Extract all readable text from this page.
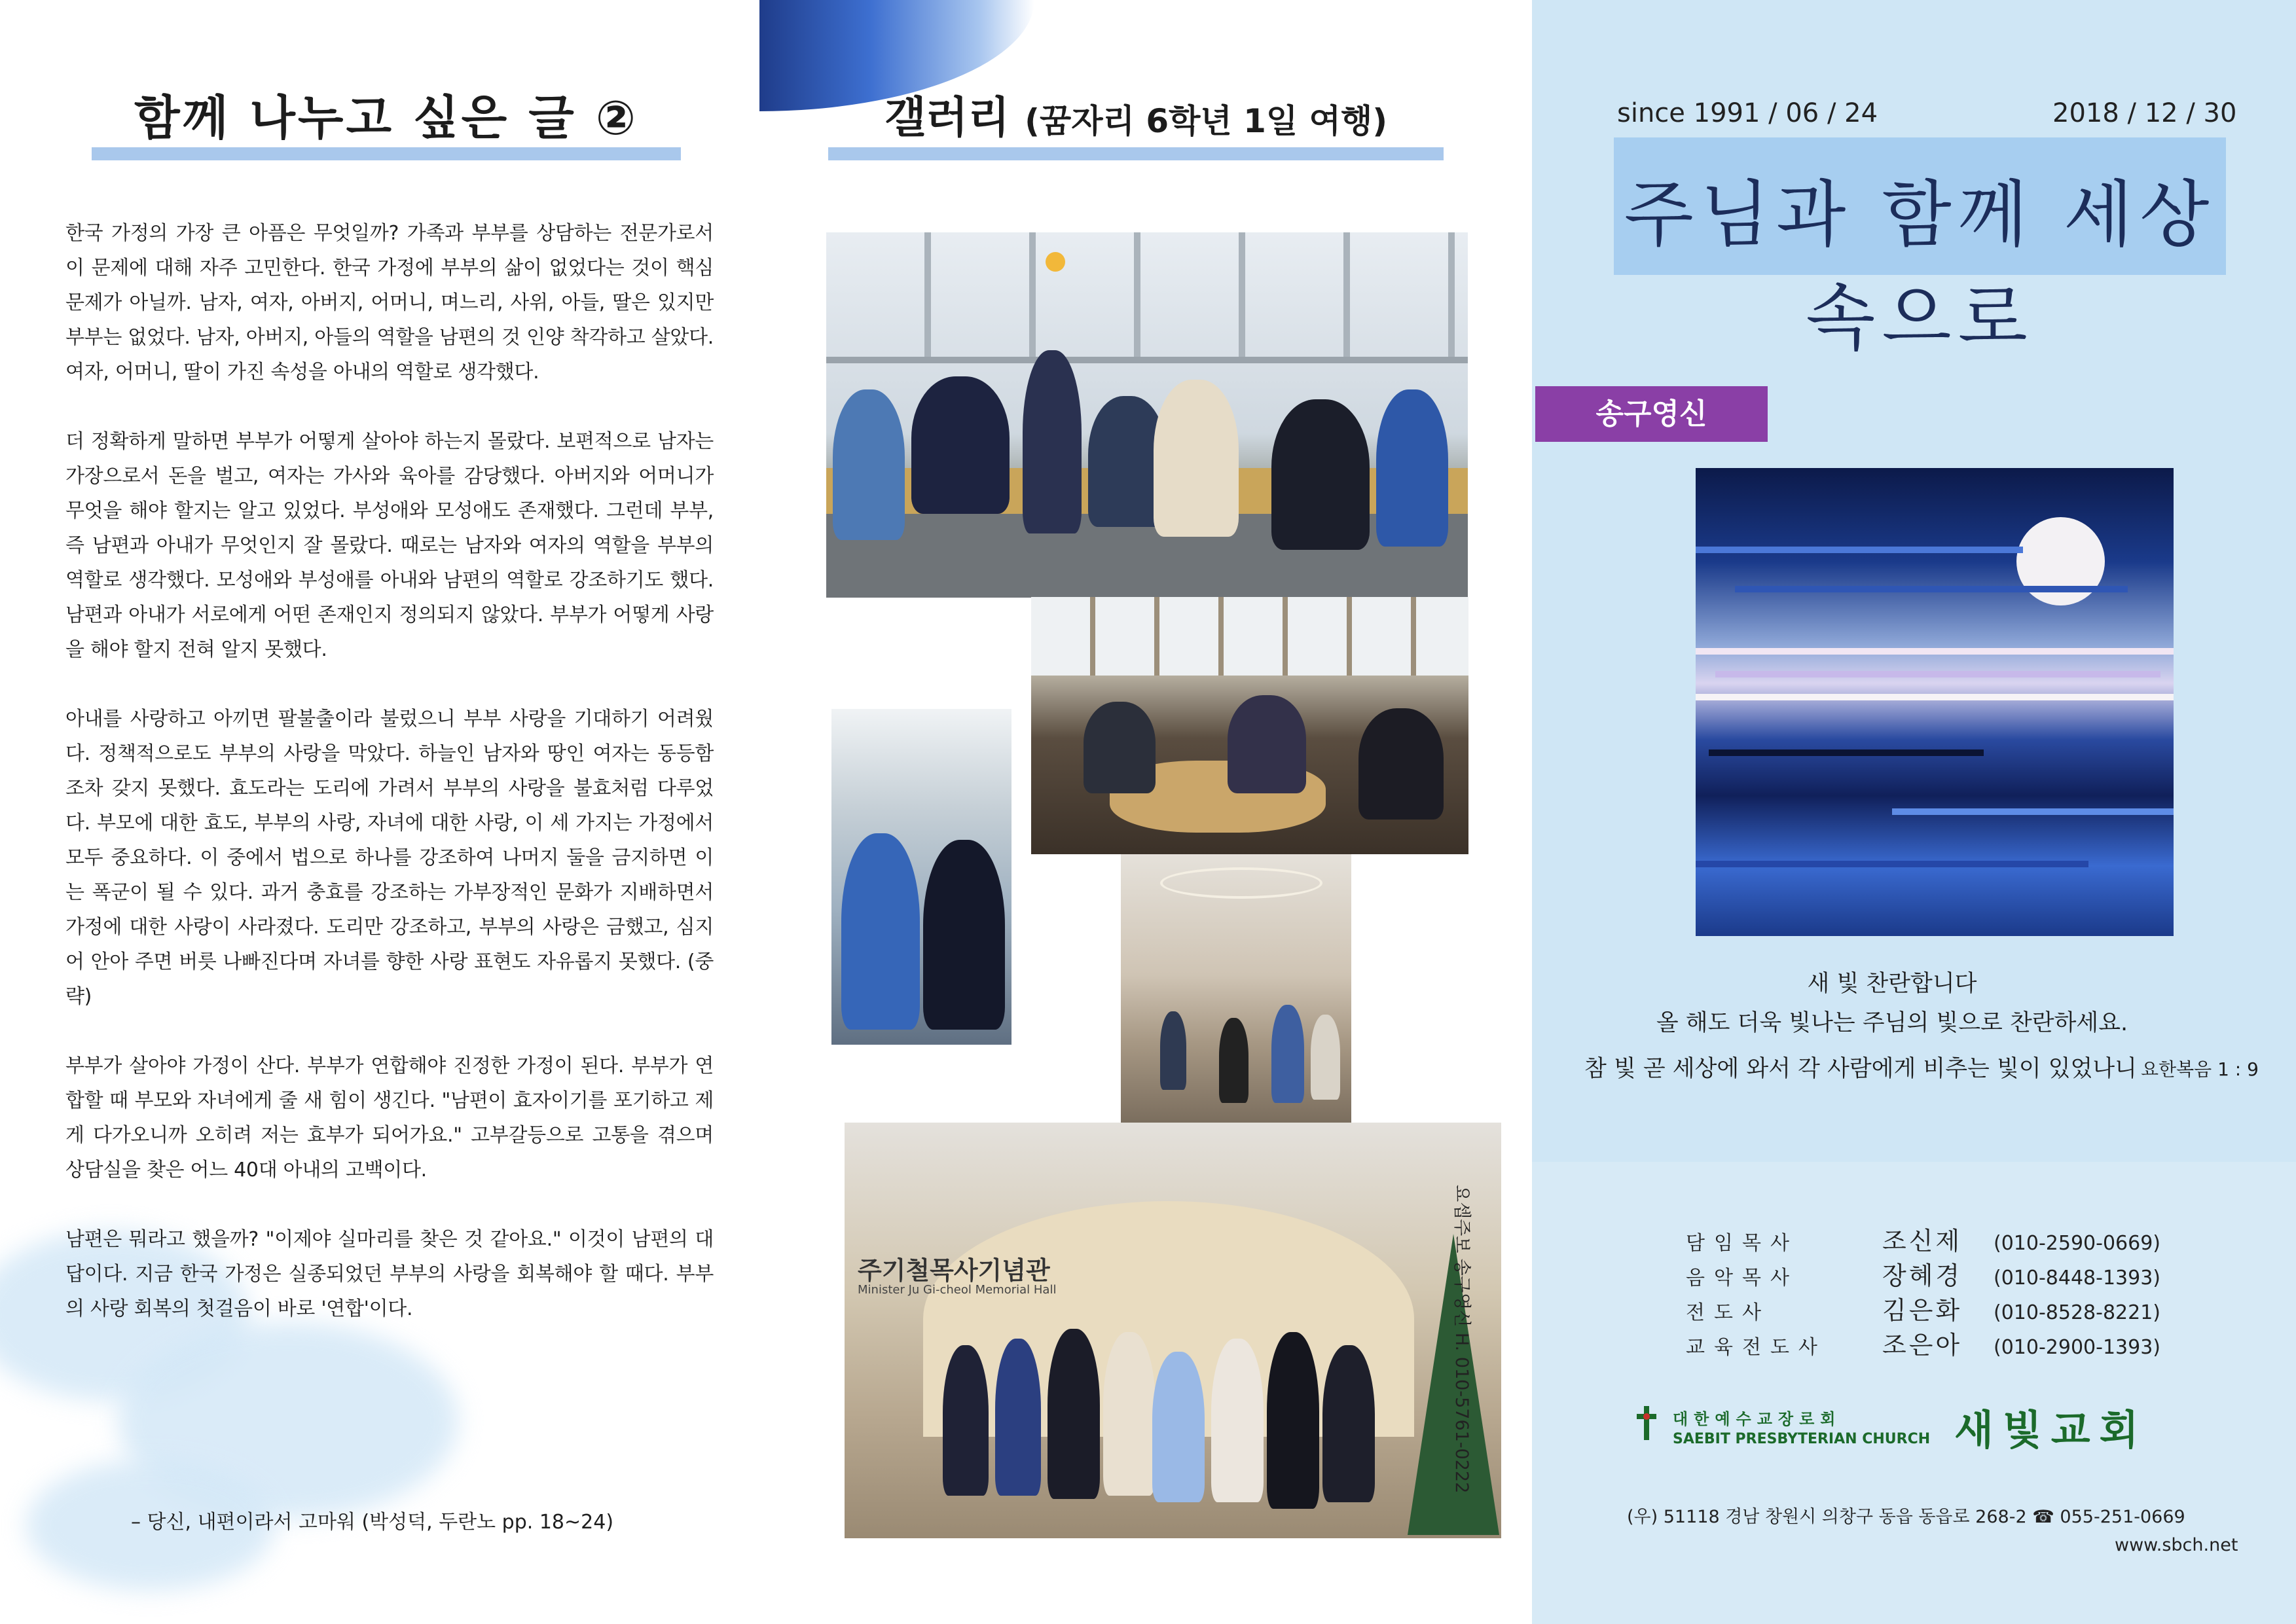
함께 나누고 싶은 글 ②

한국 가정의 가장 큰 아픔은 무엇일까? 가족과 부부를 상담하는 전문가로서 이 문제에 대해 자주 고민한다. 한국 가정에 부부의 삶이 없었다는 것이 핵심 문제가 아닐까. 남자, 여자, 아버지, 어머니, 며느리, 사위, 아들, 딸은 있지만 부부는 없었다. 남자, 아버지, 아들의 역할을 남편의 것 인양 착각하고 살았다. 여자, 어머니, 딸이 가진 속성을 아내의 역할로 생각했다.

더 정확하게 말하면 부부가 어떻게 살아야 하는지 몰랐다. 보편적으로 남자는 가장으로서 돈을 벌고, 여자는 가사와 육아를 감당했다. 아버지와 어머니가 무엇을 해야 할지는 알고 있었다. 부성애와 모성애도 존재했다. 그런데 부부, 즉 남편과 아내가 무엇인지 잘 몰랐다. 때로는 남자와 여자의 역할을 부부의 역할로 생각했다. 모성애와 부성애를 아내와 남편의 역할로 강조하기도 했다. 남편과 아내가 서로에게 어떤 존재인지 정의되지 않았다. 부부가 어떻게 사랑을 해야 할지 전혀 알지 못했다.

아내를 사랑하고 아끼면 팔불출이라 불렀으니 부부 사랑을 기대하기 어려웠다. 정책적으로도 부부의 사랑을 막았다. 하늘인 남자와 땅인 여자는 동등함조차 갖지 못했다. 효도라는 도리에 가려서 부부의 사랑을 불효처럼 다루었다. 부모에 대한 효도, 부부의 사랑, 자녀에 대한 사랑, 이 세 가지는 가정에서 모두 중요하다. 이 중에서 법으로 하나를 강조하여 나머지 둘을 금지하면 이는 폭군이 될 수 있다. 과거 충효를 강조하는 가부장적인 문화가 지배하면서 가정에 대한 사랑이 사라졌다. 도리만 강조하고, 부부의 사랑은 금했고, 심지어 안아 주면 버릇 나빠진다며 자녀를 향한 사랑 표현도 자유롭지 못했다. (중략)

부부가 살아야 가정이 산다. 부부가 연합해야 진정한 가정이 된다. 부부가 연합할 때 부모와 자녀에게 줄 새 힘이 생긴다. "남편이 효자이기를 포기하고 제게 다가오니까 오히려 저는 효부가 되어가요." 고부갈등으로 고통을 겪으며 상담실을 찾은 어느 40대 아내의 고백이다.

남편은 뭐라고 했을까? "이제야 실마리를 찾은 것 같아요." 이것이 남편의 대답이다. 지금 한국 가정은 실종되었던 부부의 사랑을 회복해야 할 때다. 부부의 사랑 회복의 첫걸음이 바로 '연합'이다.

– 당신, 내편이라서 고마워 (박성덕, 두란노 pp. 18~24)
갤러리 (꿈자리 6학년 1일 여행)
주기철목사기념관
Minister Ju Gi-cheol Memorial Hall	요셉주보 송구영신 H. 010-5761-0222
since 1991 / 06 / 24	2018 / 12 / 30
주님과 함께 세상 속으로
송구영신
새 빛 찬란합니다
올 해도 더욱 빛나는 주님의 빛으로 찬란하세요.
참 빛 곧 세상에 와서 각 사람에게 비추는 빛이 있었나니 요한복음 1 : 9
담임목사	조신제 (010-2590-0669)
음악목사	장혜경 (010-8448-1393)
전도사	김은화 (010-8528-8221)
교육전도사 조은아 (010-2900-1393)
대한예수교장로회
SAEBIT PRESBYTERIAN CHURCH 새빛교회
(우) 51118 경남 창원시 의창구 동읍 동읍로 268-2 ☎ 055-251-0669
www.sbch.net
